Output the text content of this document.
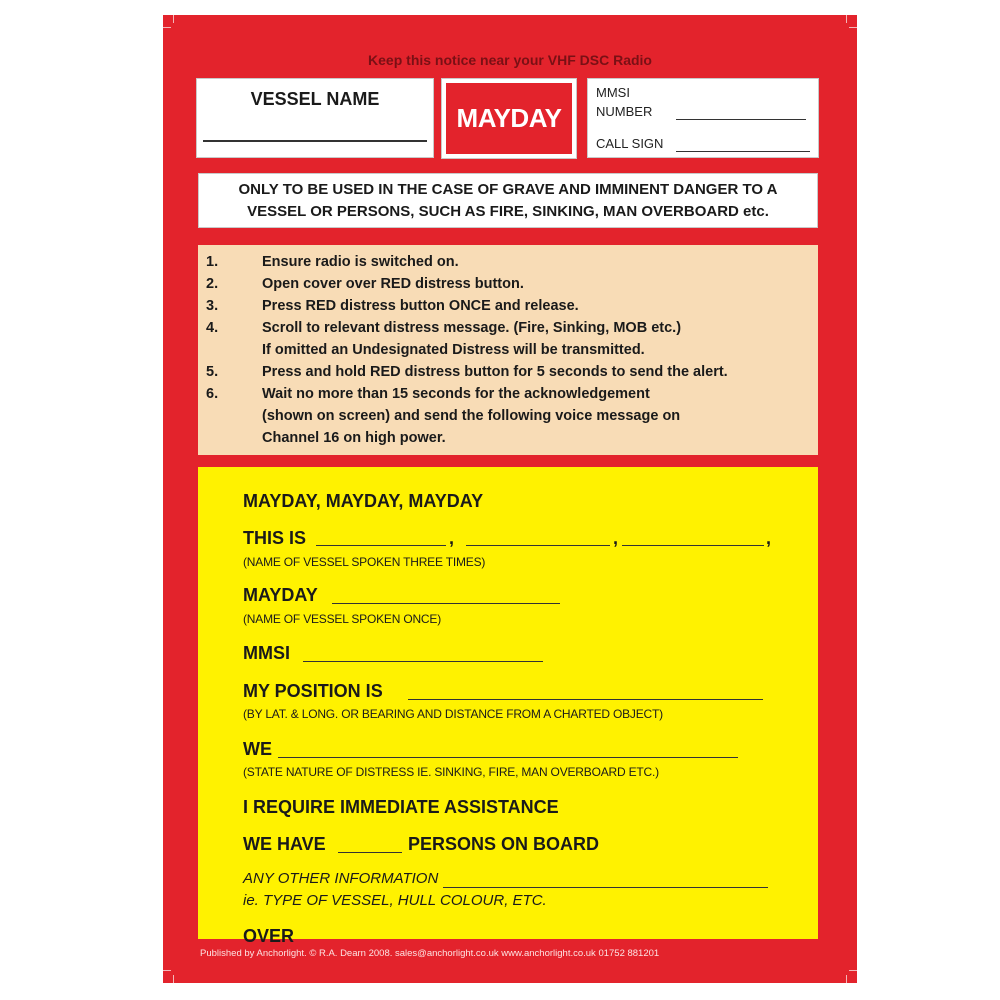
Keep this notice near your VHF DSC Radio
VESSEL NAME
MAYDAY
MMSI
NUMBER
CALL SIGN
ONLY TO BE USED IN THE CASE OF GRAVE AND IMMINENT DANGER TO A
VESSEL OR PERSONS, SUCH AS FIRE, SINKING, MAN OVERBOARD etc.
1.	Ensure radio is switched on.
2.	Open cover over RED distress button.
3.	Press RED distress button ONCE and release.
4.	Scroll to relevant distress message. (Fire, Sinking, MOB etc.)
If omitted an Undesignated Distress will be transmitted.
5.	Press and hold RED distress button for 5 seconds to send the alert.
6.	Wait no more than 15 seconds for the acknowledgement
(shown on screen) and send the following voice message on
Channel 16 on high power.
MAYDAY, MAYDAY, MAYDAY
THIS IS	,	,	,
(NAME OF VESSEL SPOKEN THREE TIMES)
MAYDAY
(NAME OF VESSEL SPOKEN ONCE)
MMSI
MY POSITION IS
(BY LAT. & LONG. OR BEARING AND DISTANCE FROM A CHARTED OBJECT)
WE
(STATE NATURE OF DISTRESS IE. SINKING, FIRE, MAN OVERBOARD ETC.)
I REQUIRE IMMEDIATE ASSISTANCE
WE HAVE	PERSONS ON BOARD
ANY OTHER INFORMATION
ie. TYPE OF VESSEL, HULL COLOUR, ETC.
OVER
Published by Anchorlight. © R.A. Dearn 2008. sales@anchorlight.co.uk www.anchorlight.co.uk 01752 881201
